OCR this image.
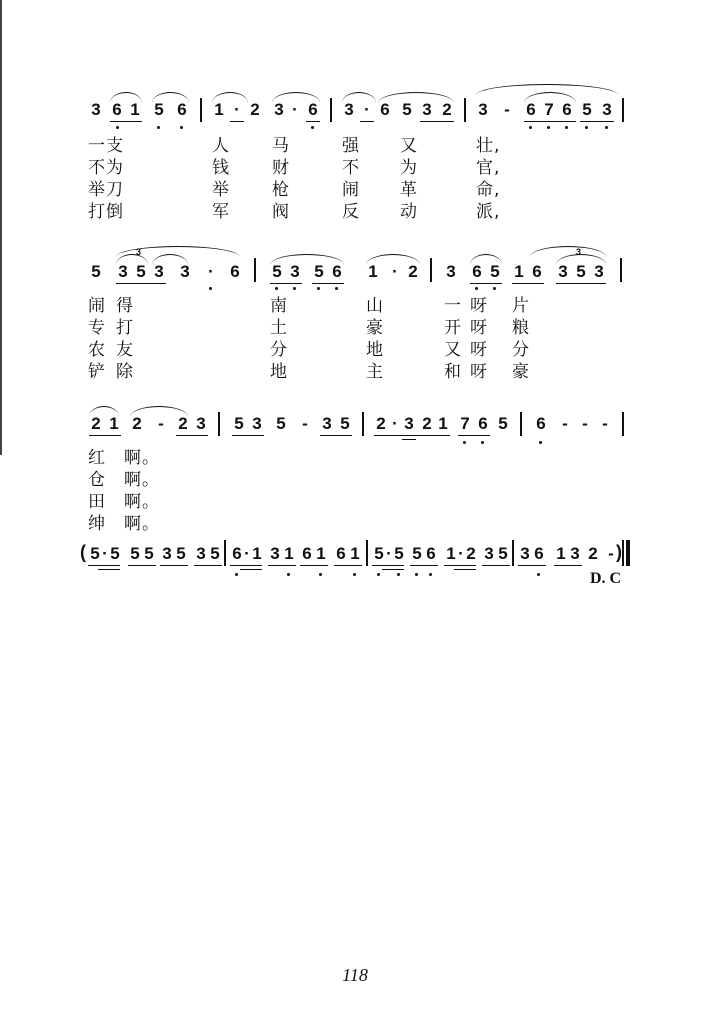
3 6 1 5 6 1 · 2 3 · 6 3 · 6 5 3 2 3 - 6 7 6 5 3
一支	人 马	强 又	壮,
不为	钱 财	不 为	官,
举刀	举 枪	闹 革	命,
打倒	军 阀	反 动	派,
5 3 5 3 3 · 6 5 3 5 6 1 · 2 3 6 5 1 6 3 5 3
3	3
闹 得	南	山	一 呀 片
专 打	土	豪	开 呀 粮
农 友	分	地	又 呀 分
铲 除	地	主	和 呀 豪
2 1 2 - 2 3 5 3 5 - 3 5 2 · 3 2 1 7 6 5 6 - - -
红 啊。
仓 啊。
田 啊。
绅 啊。
( 5 · 5 5 5 3 5 3 5 6 · 1 3 1 6 1 6 1 5 · 5 5 6 1 · 2 3 5 3 6 1 3 2 - )
D. C
118
